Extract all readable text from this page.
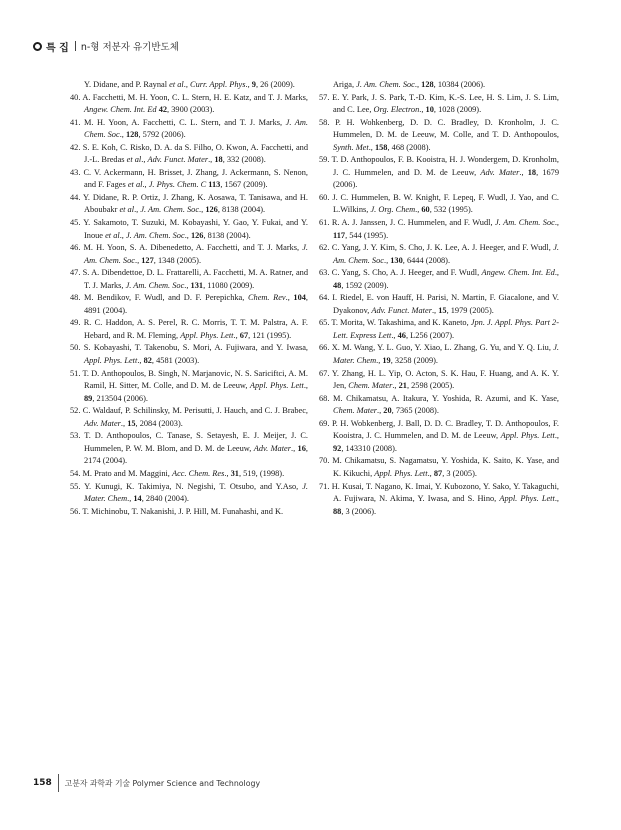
특 집 n-형 저분자 유기반도체

Y. Didane, and P. Raynal et al., Curr. Appl. Phys., 9, 26 (2009).

40. A. Facchetti, M. H. Yoon, C. L. Stern, H. E. Katz, and T. J. Marks, Angew. Chem. Int. Ed 42, 3900 (2003).

41. M. H. Yoon, A. Facchetti, C. L. Stern, and T. J. Marks, J. Am. Chem. Soc., 128, 5792 (2006).

42. S. E. Koh, C. Risko, D. A. da S. Filho, O. Kwon, A. Facchetti, and J.-L. Bredas et al., Adv. Funct. Mater., 18, 332 (2008).

43. C. V. Ackermann, H. Brisset, J. Zhang, J. Ackermann, S. Nenon, and F. Fages et al., J. Phys. Chem. C 113, 1567 (2009).

44. Y. Didane, R. P. Ortiz, J. Zhang, K. Aosawa, T. Tanisawa, and H. Aboubakr et al., J. Am. Chem. Soc., 126, 8138 (2004).

45. Y. Sakamoto, T. Suzuki, M. Kobayashi, Y. Gao, Y. Fukai, and Y. Inoue et al., J. Am. Chem. Soc., 126, 8138 (2004).

46. M. H. Yoon, S. A. Dibenedetto, A. Facchetti, and T. J. Marks, J. Am. Chem. Soc., 127, 1348 (2005).

47. S. A. Dibendettoe, D. L. Frattarelli, A. Facchetti, M. A. Ratner, and T. J. Marks, J. Am. Chem. Soc., 131, 11080 (2009).

48. M. Bendikov, F. Wudl, and D. F. Perepichka, Chem. Rev., 104, 4891 (2004).

49. R. C. Haddon, A. S. Perel, R. C. Morris, T. T. M. Palstra, A. F. Hebard, and R. M. Fleming, Appl. Phys. Lett., 67, 121 (1995).

50. S. Kobayashi, T. Takenobu, S. Mori, A. Fujiwara, and Y. Iwasa, Appl. Phys. Lett., 82, 4581 (2003).

51. T. D. Anthopoulos, B. Singh, N. Marjanovic, N. S. Sariciftci, A. M. Ramil, H. Sitter, M. Colle, and D. M. de Leeuw, Appl. Phys. Lett., 89, 213504 (2006).

52. C. Waldauf, P. Schilinsky, M. Perisutti, J. Hauch, and C. J. Brabec, Adv. Mater., 15, 2084 (2003).

53. T. D. Anthopoulos, C. Tanase, S. Setayesh, E. J. Meijer, J. C. Hummelen, P. W. M. Blom, and D. M. de Leeuw, Adv. Mater., 16, 2174 (2004).

54. M. Prato and M. Maggini, Acc. Chem. Res., 31, 519, (1998).

55. Y. Kunugi, K. Takimiya, N. Negishi, T. Otsubo, and Y.Aso, J. Mater. Chem., 14, 2840 (2004).

56. T. Michinobu, T. Nakanishi, J. P. Hill, M. Funahashi, and K.

Ariga, J. Am. Chem. Soc., 128, 10384 (2006).

57. E. Y. Park, J. S. Park, T.-D. Kim, K.-S. Lee, H. S. Lim, J. S. Lim, and C. Lee, Org. Electron., 10, 1028 (2009).

58. P. H. Wohkenberg, D. D. C. Bradley, D. Kronholm, J. C. Hummelen, D. M. de Leeuw, M. Colle, and T. D. Anthopoulos, Synth. Met., 158, 468 (2008).

59. T. D. Anthopoulos, F. B. Kooistra, H. J. Wondergem, D. Kronholm, J. C. Hummelen, and D. M. de Leeuw, Adv. Mater., 18, 1679 (2006).

60. J. C. Hummelen, B. W. Knight, F. Lepeq, F. Wudl, J. Yao, and C. L.Wilkins, J. Org. Chem., 60, 532 (1995).

61. R. A. J. Janssen, J. C. Hummelen, and F. Wudl, J. Am. Chem. Soc., 117, 544 (1995).

62. C. Yang, J. Y. Kim, S. Cho, J. K. Lee, A. J. Heeger, and F. Wudl, J. Am. Chem. Soc., 130, 6444 (2008).

63. C. Yang, S. Cho, A. J. Heeger, and F. Wudl, Angew. Chem. Int. Ed., 48, 1592 (2009).

64. I. Riedel, E. von Hauff, H. Parisi, N. Martin, F. Giacalone, and V. Dyakonov, Adv. Funct. Mater., 15, 1979 (2005).

65. T. Morita, W. Takashima, and K. Kaneto, Jpn. J. Appl. Phys. Part 2-Lett. Express Lett., 46, L256 (2007).

66. X. M. Wang, Y. L. Guo, Y. Xiao, L. Zhang, G. Yu, and Y. Q. Liu, J. Mater. Chem., 19, 3258 (2009).

67. Y. Zhang, H. L. Yip, O. Acton, S. K. Hau, F. Huang, and A. K. Y. Jen, Chem. Mater., 21, 2598 (2005).

68. M. Chikamatsu, A. Itakura, Y. Yoshida, R. Azumi, and K. Yase, Chem. Mater., 20, 7365 (2008).

69. P. H. Wobkenberg, J. Ball, D. D. C. Bradley, T. D. Anthopoulos, F. Kooistra, J. C. Hummelen, and D. M. de Leeuw, Appl. Phys. Lett., 92, 143310 (2008).

70. M. Chikamatsu, S. Nagamatsu, Y. Yoshida, K. Saito, K. Yase, and K. Kikuchi, Appl. Phys. Lett., 87, 3 (2005).

71. H. Kusai, T. Nagano, K. Imai, Y. Kubozono, Y. Sako, Y. Takaguchi, A. Fujiwara, N. Akima, Y. Iwasa, and S. Hino, Appl. Phys. Lett., 88, 3 (2006).

158 고분자 과학과 기술 Polymer Science and Technology
